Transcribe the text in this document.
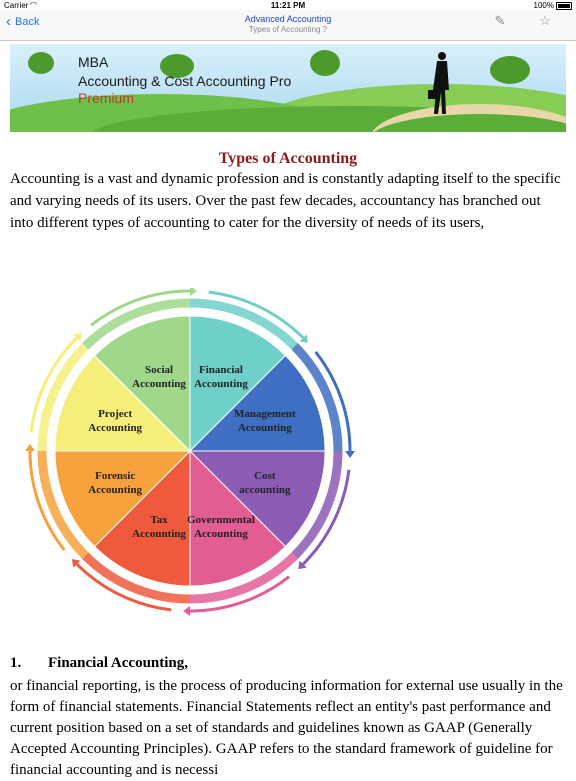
Carrier ◠	11:21 PM	100%
‹ Back	Advanced Accounting
Types of Accounting ?
✎	☆
MBA
Accounting & Cost Accounting Pro
Premium
Types of Accounting
Accounting is a vast and dynamic profession and is constantly adapting itself to the specific and varying needs of its users. Over the past few decades, accountancy has branched out into different types of accounting to cater for the diversity of needs of its users,
Financial Accounting
Management Accounting
Cost accounting
Governmental Accounting
Tax Accounting
Forensic Accounting
Project Accounting
Social Accounting
1. Financial Accounting,
or financial reporting, is the process of producing information for external use usually in the form of financial statements. Financial Statements reflect an entity's past performance and current position based on a set of standards and guidelines known as GAAP (Generally Accepted Accounting Principles). GAAP refers to the standard framework of guideline for financial accounting and is necessi
